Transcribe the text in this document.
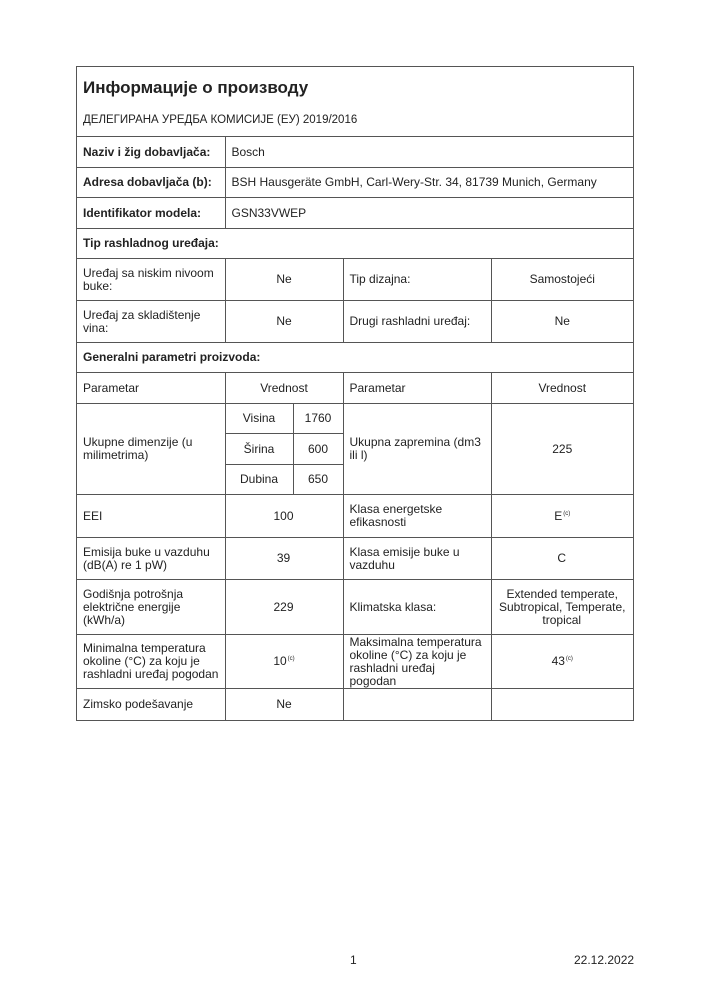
Информације о производу				
ДЕЛЕГИРАНА УРЕДБА КОМИСИЈЕ (ЕУ) 2019/2016				
Naziv i žig dobavljača:	Bosch			
Adresa dobavljača (b):	BSH Hausgeräte GmbH, Carl-Wery-Str. 34, 81739 Munich, Germany			
Identifikator modela:	GSN33VWEP			
Tip rashladnog uređaja:				
Uređaj sa niskim nivoom buke:	Ne		Tip dizajna:	Samostojeći
Uređaj za skladištenje vina:	Ne		Drugi rashladni uređaj:	Ne
Generalni parametri proizvoda:				
Parametar	Vrednost		Parametar	Vrednost
Ukupne dimenzije (u milimetrima)	Visina	1760	Ukupna zapremina (dm3 ili l)	225
	Širina	600		
	Dubina	650		
EEI	100		Klasa energetske efikasnosti	$E^{(c)}$
Emisija buke u vazduhu (dB(A) re 1 pW)	39		Klasa emisije buke u vazduhu	C
Godišnja potrošnja električne energije (kWh/a)	229		Klimatska klasa:	Extended temperate, Subtropical, Temperate, tropical
Minimalna temperatura okoline (°C) za koju je rashladni uređaj pogodan	10$^{(c)}$		Maksimalna temperatura okoline (°C) za koju je rashladni uređaj pogodan	43$^{(c)}$
Zimsko podešavanje	Ne			
1	22.12.2022
